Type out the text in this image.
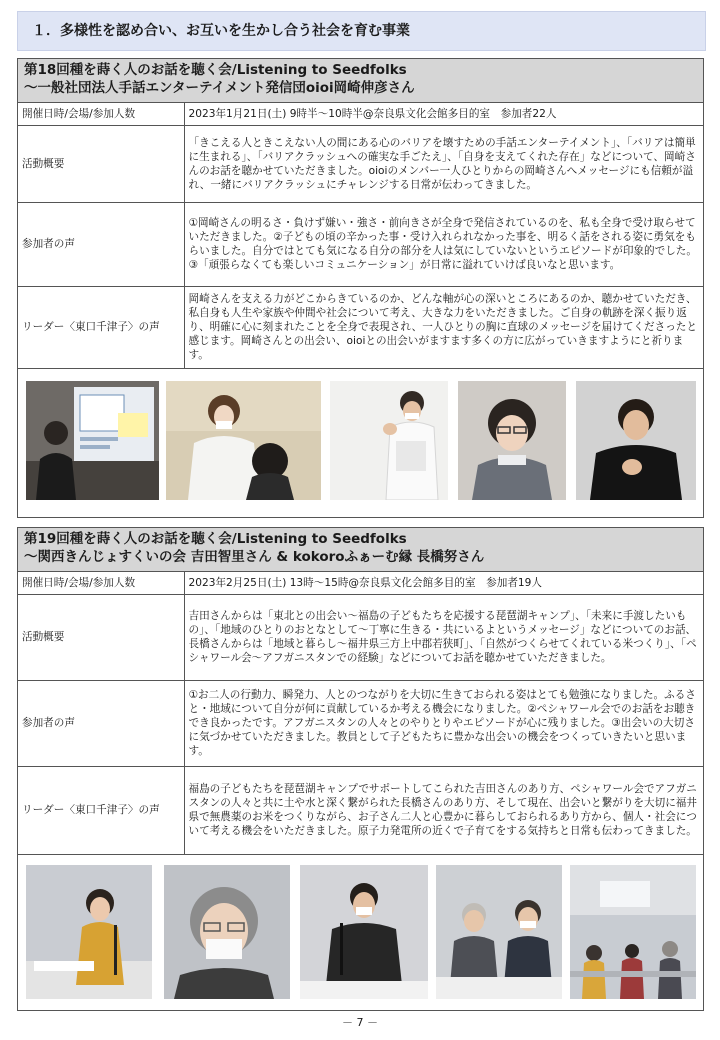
１．多様性を認め合い、お互いを生かし合う社会を育む事業
第18回種を蒔く人のお話を聴く会/Listening to Seedfolks
～一般社団法人手話エンターテイメント発信団oioi岡崎伸彦さん
開催日時/会場/参加人数	2023年1月21日(土) 9時半～10時半@奈良県文化会館多目的室　参加者22人
活動概要	「きこえる人ときこえない人の間にある心のバリアを壊すための手話エンターテイメント」、「バリアは簡単に生まれる」、「バリアクラッシュへの確実な手ごたえ」、「自身を支えてくれた存在」などについて、岡崎さんのお話を聴かせていただきました。oioiのメンバー一人ひとりからの岡崎さんへメッセージにも信頼が溢れ、一緒にバリアクラッシュにチャレンジする日常が伝わってきました。
参加者の声	①岡崎さんの明るさ・負けず嫌い・強さ・前向きさが全身で発信されているのを、私も全身で受け取らせていただきました。②子どもの頃の辛かった事・受け入れられなかった事を、明るく話をされる姿に勇気をもらいました。自分ではとても気になる自分の部分を人は気にしていないというエピソードが印象的でした。③「頑張らなくても楽しいコミュニケーション」が日常に溢れていけば良いなと思います。
リーダー〈東口千津子〉の声	岡崎さんを支える力がどこからきているのか、どんな軸が心の深いところにあるのか、聴かせていただき、私自身も人生や家族や仲間や社会について考え、大きな力をいただきました。ご自身の軌跡を深く振り返り、明確に心に刻まれたことを全身で表現され、一人ひとりの胸に直球のメッセージを届けてくださったと感じます。岡崎さんとの出会い、oioiとの出会いがますます多くの方に広がっていきますようにと祈ります。
第19回種を蒔く人のお話を聴く会/Listening to Seedfolks
～関西きんじょすくいの会 吉田智里さん & kokoroふぁーむ縁 長橋努さん
開催日時/会場/参加人数	2023年2月25日(土) 13時～15時@奈良県文化会館多目的室　参加者19人
活動概要	吉田さんからは「東北との出会い～福島の子どもたちを応援する琵琶湖キャンプ」、「未来に手渡したいもの」、「地域のひとりのおとなとして～丁寧に生きる・共にいるよというメッセージ」などについてのお話、長橋さんからは「地域と暮らし～福井県三方上中郡若狭町」、「自然がつくらせてくれている米つくり」、「ペシャワール会～アフガニスタンでの経験」などについてお話を聴かせていただきました。
参加者の声	①お二人の行動力、瞬発力、人とのつながりを大切に生きておられる姿はとても勉強になりました。ふるさと・地域について自分が何に貢献しているか考える機会になりました。②ペシャワール会でのお話をお聴きでき良かったです。アフガニスタンの人々とのやりとりやエピソードが心に残りました。③出会いの大切さに気づかせていただきました。教員として子どもたちに豊かな出会いの機会をつくっていきたいと思います。
リーダー〈東口千津子〉の声	福島の子どもたちを琵琶湖キャンプでサポートしてこられた吉田さんのあり方、ペシャワール会でアフガニスタンの人々と共に土や水と深く繋がられた長橋さんのあり方、そして現在、出会いと繋がりを大切に福井県で無農薬のお米をつくりながら、お子さん二人と心豊かに暮らしておられるあり方から、個人・社会について考える機会をいただきました。原子力発電所の近くで子育てをする気持ちと日常も伝わってきました。
－ 7 －
